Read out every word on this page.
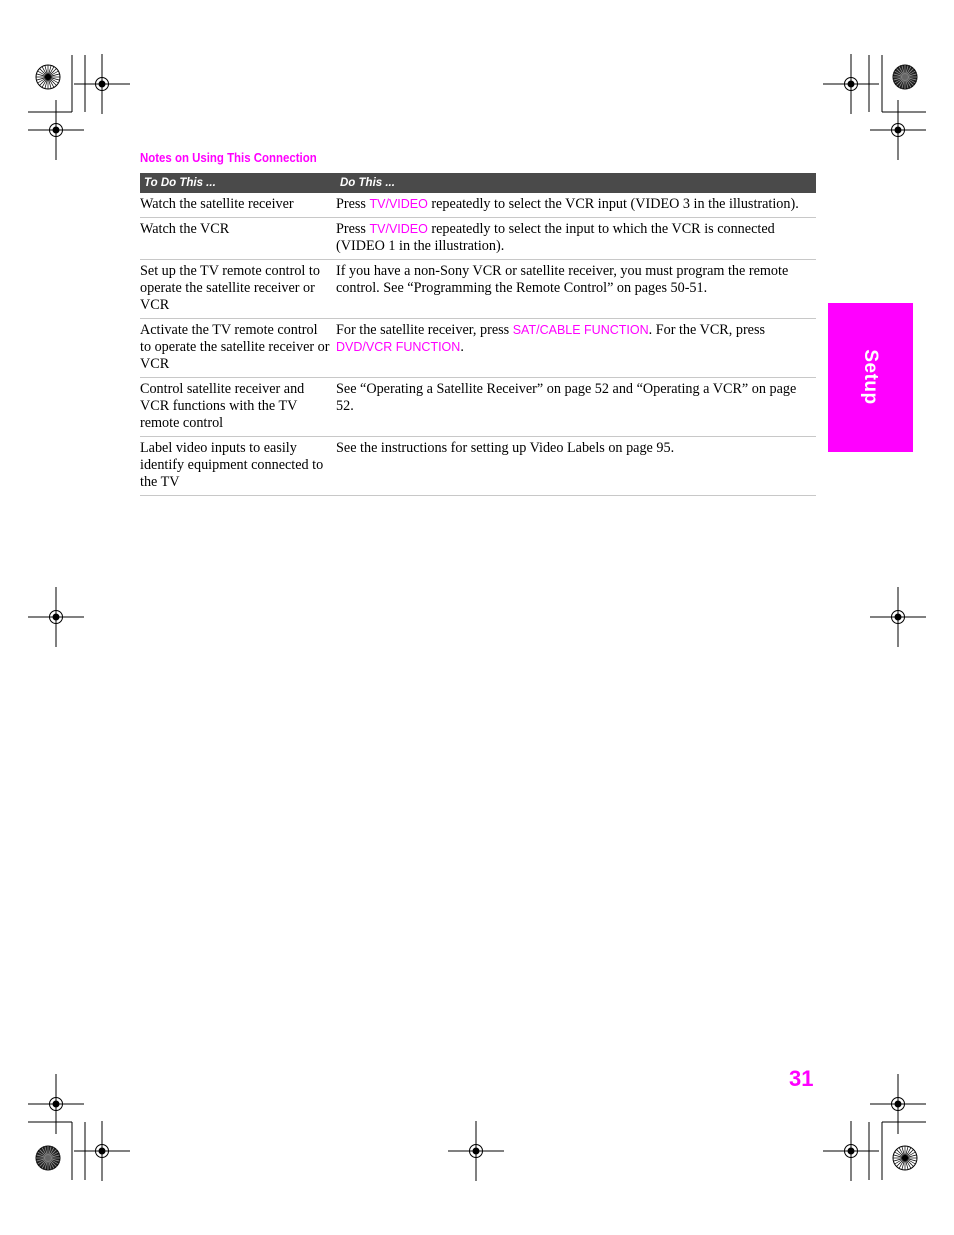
Notes on Using This Connection
To Do This ...	Do This ...
Watch the satellite receiver	Press TV/VIDEO repeatedly to select the VCR input (VIDEO 3 in the illustration).
Watch the VCR	Press TV/VIDEO repeatedly to select the input to which the VCR is connected (VIDEO 1 in the illustration).
Set up the TV remote control to operate the satellite receiver or VCR	If you have a non-Sony VCR or satellite receiver, you must program the remote control. See “Programming the Remote Control” on pages 50-51.
Activate the TV remote control to operate the satellite receiver or VCR	For the satellite receiver, press SAT/CABLE FUNCTION. For the VCR, press DVD/VCR FUNCTION.
Control satellite receiver and VCR functions with the TV remote control	See “Operating a Satellite Receiver” on page 52 and “Operating a VCR” on page 52.
Label video inputs to easily identify equipment connected to the TV	See the instructions for setting up Video Labels on page 95.
Setup
31
